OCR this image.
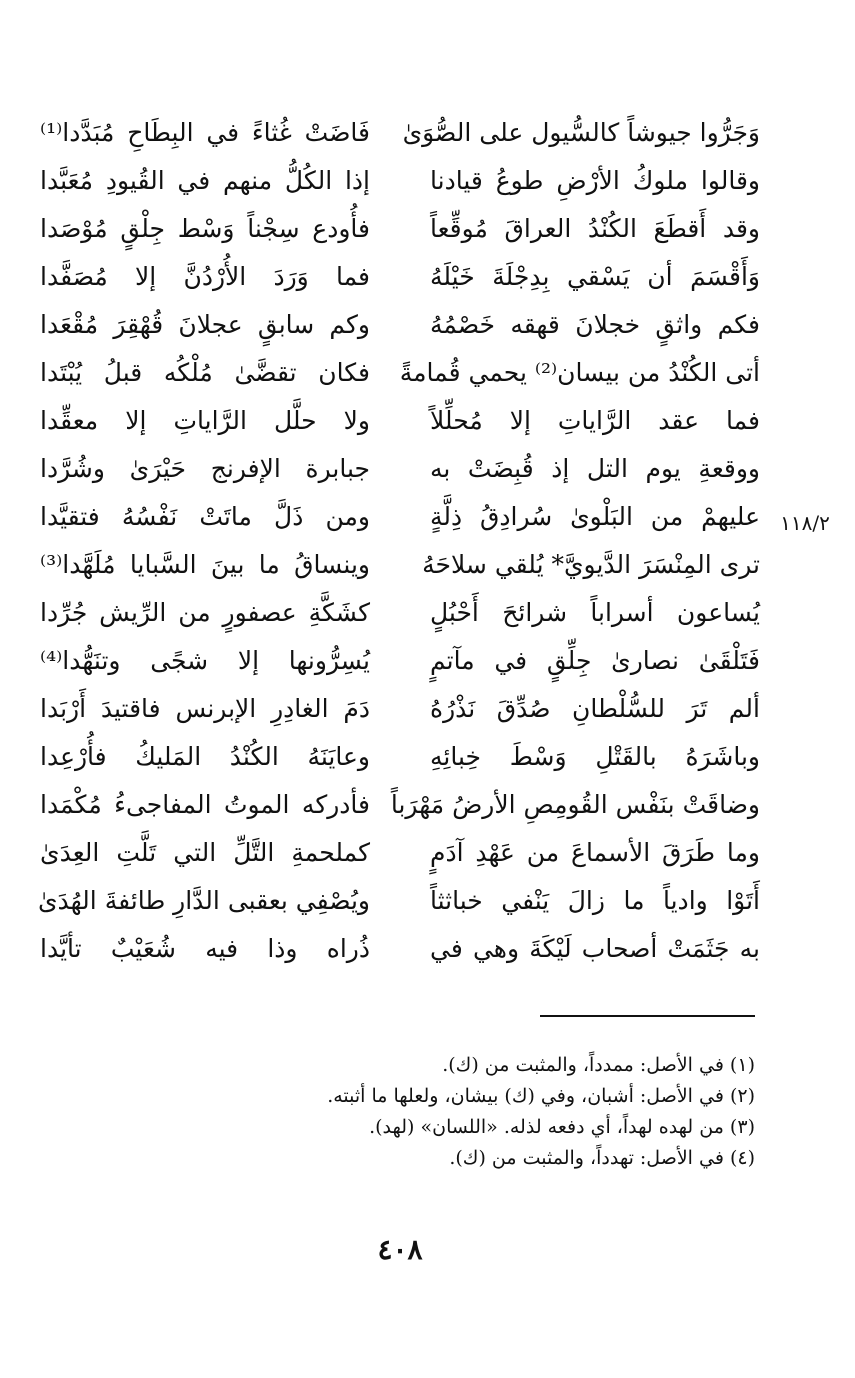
وَجَرُّوا جيوشاً كالسُّيول على الصُّوَىٰ
فَاضَتْ غُثاءً في البِطَاحِ مُبَدَّدا⁽¹⁾
وقالوا ملوكُ الأرْضِ طوعُ قيادنا
إذا الكُلُّ منهم في القُيودِ مُعَبَّدا
وقد أَقطَعَ الكُنْدُ العراقَ مُوقِّعاً
فأُودع سِجْناً وَسْط جِلْقٍ مُوْصَدا
وَأَقْسَمَ أن يَسْقي بِدِجْلَةَ خَيْلَهُ
فما وَرَدَ الأُرْدُنَّ إلا مُصَفَّدا
فكم واثقٍ خجلانَ قهقه خَصْمُهُ
وكم سابقٍ عجلانَ قُهْقِرَ مُقْعَدا
أتى الكُنْدُ من بيسان⁽²⁾ يحمي قُمامةً
فكان تقضَّىٰ مُلْكُه قبلُ يُبْتَدا
فما عقد الرَّاياتِ إلا مُحلِّلاً
ولا حلَّل الرَّاياتِ إلا معقِّدا
ووقعةِ يوم التل إذ قُبِضَتْ به
جبابرة الإفرنج حَيْرَىٰ وشُرَّدا
عليهمْ من البَلْوىٰ سُرادِقُ ذِلَّةٍ
ومن ذَلَّ ماتَتْ نَفْسُهُ فتقيَّدا
ترى المِنْسَرَ الدَّيويَّ* يُلقي سلاحَهُ
وينساقُ ما بينَ السَّبايا مُلَهَّدا⁽³⁾
يُساعون أسراباً شرائحَ أَحْبُلٍ
كشَكَّةِ عصفورٍ من الرِّيش جُرِّدا
فَتَلْقَىٰ نصارىٰ جِلِّقٍ في مآتمٍ
يُسِرُّونها إلا شجًى وتنَهُّدا⁽⁴⁾
ألم تَرَ للسُّلْطانِ صُدِّقَ نَذْرُهُ
دَمَ الغادِرِ الإبرنس فاقتيدَ أَرْبَدا
وباشَرَهُ بالقَتْلِ وَسْطَ خِبائِهِ
وعايَنَهُ الكُنْدُ المَليكُ فأُرْعِدا
وضاقَتْ بنَفْس القُومِصِ الأرضُ مَهْرَباً
فأدركه الموتُ المفاجىءُ مُكْمَدا
وما طَرَقَ الأسماعَ من عَهْدِ آدَمٍ
كملحمةِ التَّلِّ التي تَلَّتِ العِدَىٰ
أَتَوْا وادياً ما زالَ يَنْفي خباثثاً
ويُصْفِي بعقبى الدَّارِ طائفةَ الهُدَىٰ
به جَثَمَتْ أصحاب لَيْكَةَ وهي في
ذُراه وذا فيه شُعَيْبٌ تأيَّدا
١١٨/٢
(١) في الأصل: ممدداً، والمثبت من (ك).
(٢) في الأصل: أشبان، وفي (ك) بيشان، ولعلها ما أثبته.
(٣) من لهده لهداً، أي دفعه لذله. «اللسان» (لهد).
(٤) في الأصل: تهدداً، والمثبت من (ك).
٤٠٨
